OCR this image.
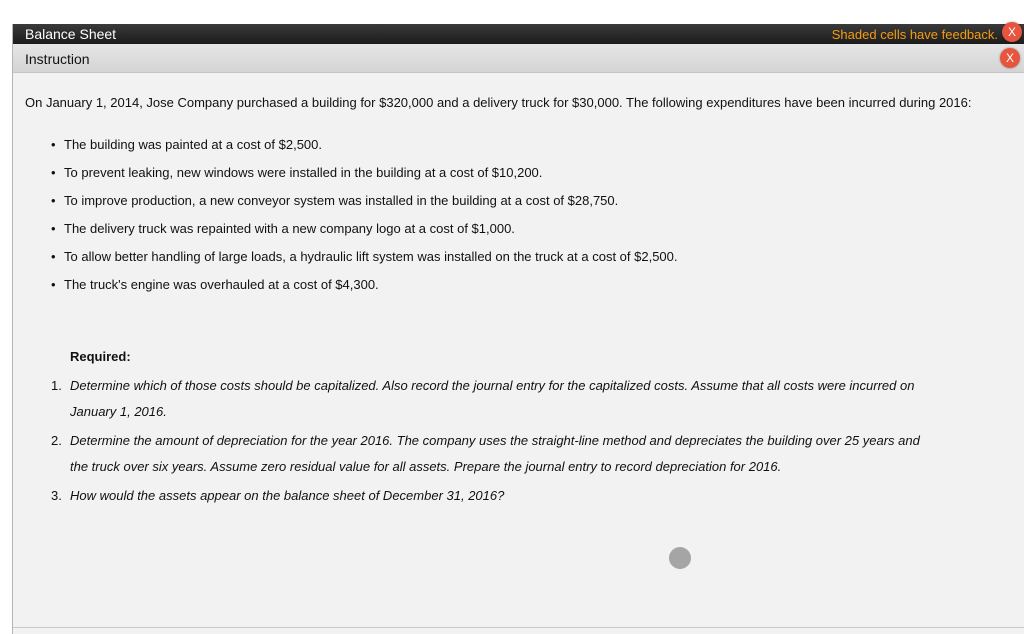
Balance Sheet	Shaded cells have feedback. X
Instruction	X
On January 1, 2014, Jose Company purchased a building for $320,000 and a delivery truck for $30,000. The following expenditures have been incurred during 2016:
• The building was painted at a cost of $2,500.
• To prevent leaking, new windows were installed in the building at a cost of $10,200.
• To improve production, a new conveyor system was installed in the building at a cost of $28,750.
• The delivery truck was repainted with a new company logo at a cost of $1,000.
• To allow better handling of large loads, a hydraulic lift system was installed on the truck at a cost of $2,500.
• The truck's engine was overhauled at a cost of $4,300.
Required:
1. Determine which of those costs should be capitalized. Also record the journal entry for the capitalized costs. Assume that all costs were incurred on January 1, 2016.
2. Determine the amount of depreciation for the year 2016. The company uses the straight-line method and depreciates the building over 25 years and the truck over six years. Assume zero residual value for all assets. Prepare the journal entry to record depreciation for 2016.
3. How would the assets appear on the balance sheet of December 31, 2016?
